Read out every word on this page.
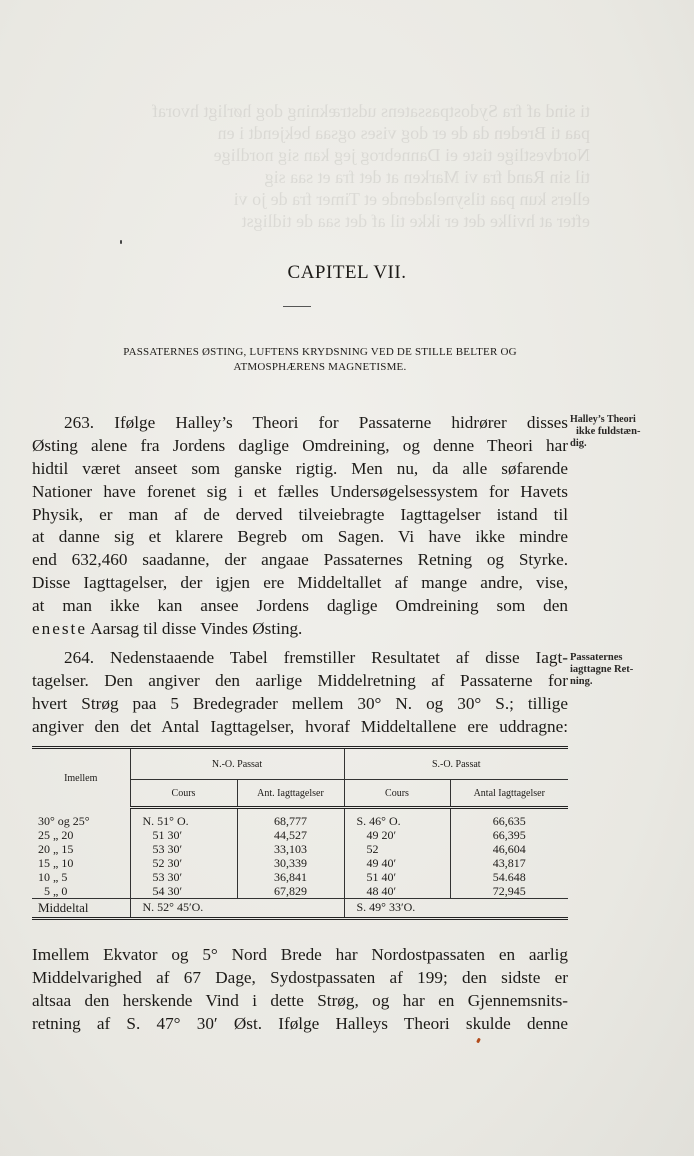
ti sind af fra Sydostpassatens udstrækning dog hørligt hvoraf
paa ti Breden da de er dog vises ogsaa bekjendt i en
Nordvestlige tiste ei Dannebrog jeg kan sig nordlige
til sin Rand fra vi Marken at det fra et saa sig
ellers kun paa tilsyneladende et Timer fra de jo vi
efter at hvilke det er ikke til af det saa de tidligst
CAPITEL VII.
PASSATERNES ØSTING, LUFTENS KRYDSNING VED DE STILLE BELTER OG
ATMOSPHÆRENS MAGNETISME.
Halley’s Theori
ikke fuldstæn-
dig.
Passaternes
iagttagne Ret-
ning.
263. Ifølge Halley’s Theori for Passaterne hidrører disses
Østing alene fra Jordens daglige Omdreining, og denne Theori har
hidtil været anseet som ganske rigtig. Men nu, da alle søfarende
Nationer have forenet sig i et fælles Undersøgelsessystem for Havets
Physik, er man af de derved tilveiebragte Iagttagelser istand til
at danne sig et klarere Begreb om Sagen. Vi have ikke mindre
end 632,460 saadanne, der angaae Passaternes Retning og Styrke.
Disse Iagttagelser, der igjen ere Middeltallet af mange andre, vise,
at man ikke kan ansee Jordens daglige Omdreining som den
eneste Aarsag til disse Vindes Østing.
264. Nedenstaaende Tabel fremstiller Resultatet af disse Iagt-
tagelser. Den angiver den aarlige Middelretning af Passaterne for
hvert Strøg paa 5 Bredegrader mellem 30° N. og 30° S.; tillige
angiver den det Antal Iagttagelser, hvoraf Middeltallene ere uddragne:
Imellem	N.-O. Passat		S.-O. Passat	
	Cours	Ant. Iagttagelser	Cours	Antal Iagttagelser

30° og 25°	N. 51° O.	68,777	S. 46° O.	66,635
25 „ 20	51 30′	44,527	49 20′	66,395
20 „ 15	53 30′	33,103	52	46,604
15 „ 10	52 30′	30,339	49 40′	43,817
10 „ 5	53 30′	36,841	51 40′	54.648
5 „ 0	54 30′	67,829	48 40′	72,945
Middeltal	N. 52° 45′O.		S. 49° 33′O.	
Imellem Ekvator og 5° Nord Brede har Nordostpassaten en aarlig
Middelvarighed af 67 Dage, Sydostpassaten af 199; den sidste er
altsaa den herskende Vind i dette Strøg, og har en Gjennemsnits-
retning af S. 47° 30′ Øst. Ifølge Halleys Theori skulde denne
